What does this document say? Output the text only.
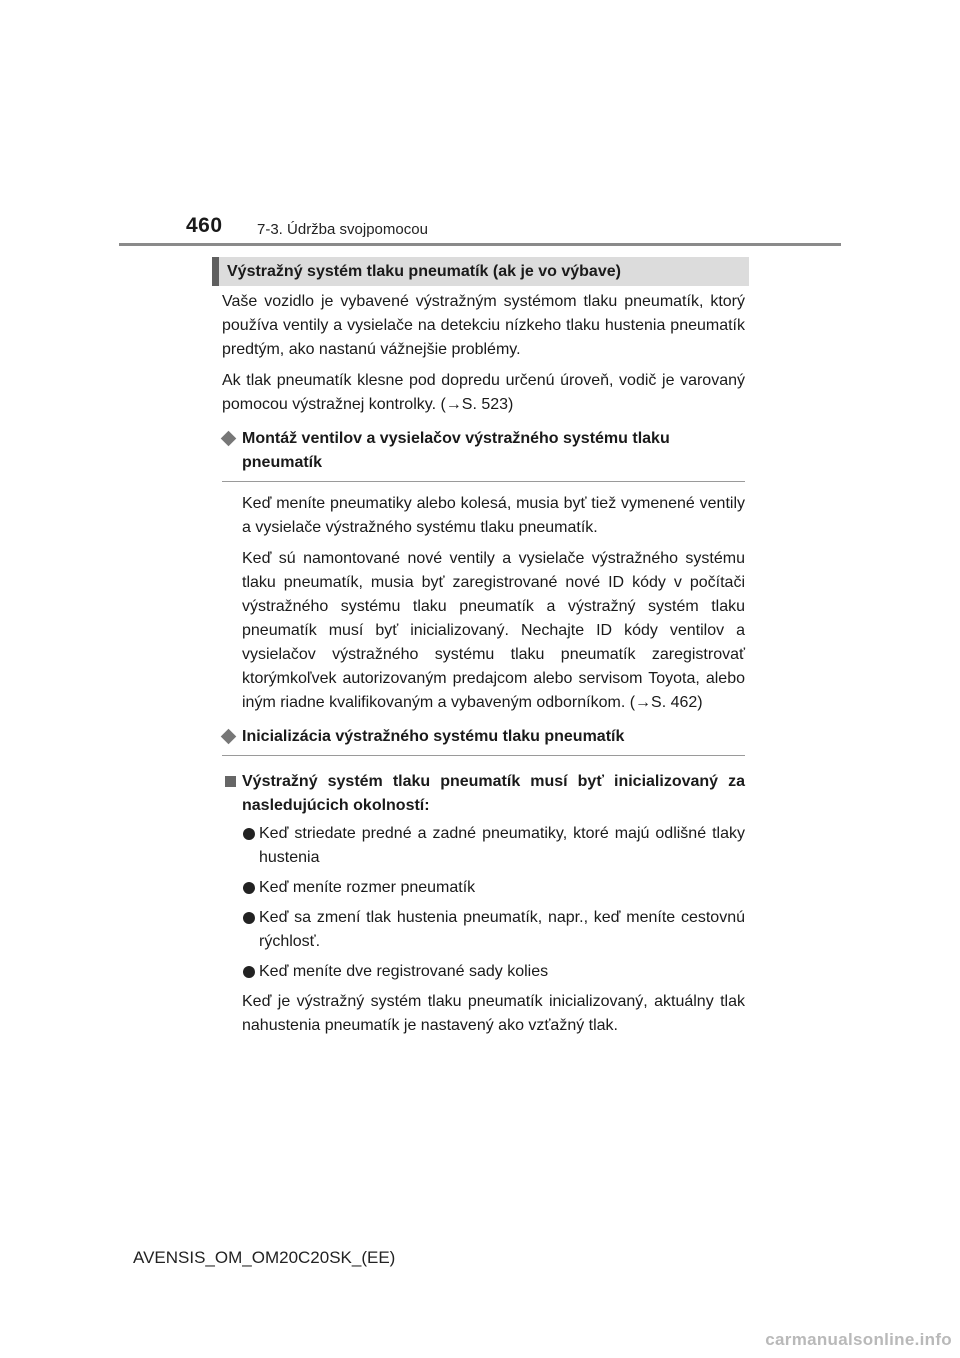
460 7-3. Údržba svojpomocou
Výstražný systém tlaku pneumatík (ak je vo výbave)

Vaše vozidlo je vybavené výstražným systémom tlaku pneumatík, ktorý používa ventily a vysielače na detekciu nízkeho tlaku hustenia pneumatík predtým, ako nastanú vážnejšie problémy.

Ak tlak pneumatík klesne pod dopredu určenú úroveň, vodič je varovaný pomocou výstražnej kontrolky. (→S. 523)

Montáž ventilov a vysielačov výstražného systému tlaku pneumatík

Keď meníte pneumatiky alebo kolesá, musia byť tiež vymenené ventily a vysielače výstražného systému tlaku pneumatík.

Keď sú namontované nové ventily a vysielače výstražného systému tlaku pneumatík, musia byť zaregistrované nové ID kódy v počítači výstražného systému tlaku pneumatík a výstražný systém tlaku pneumatík musí byť inicializovaný. Nechajte ID kódy ventilov a vysielačov výstražného systému tlaku pneumatík zaregistrovať ktorýmkoľvek autorizovaným predajcom alebo servisom Toyota, alebo iným riadne kvalifikovaným a vybaveným odborníkom. (→S. 462)

Inicializácia výstražného systému tlaku pneumatík
Výstražný systém tlaku pneumatík musí byť inicializovaný za nasledujúcich okolností:
Keď striedate predné a zadné pneumatiky, ktoré majú odlišné tlaky hustenia
Keď meníte rozmer pneumatík
Keď sa zmení tlak hustenia pneumatík, napr., keď meníte cestovnú rýchlosť.
Keď meníte dve registrované sady kolies

Keď je výstražný systém tlaku pneumatík inicializovaný, aktuálny tlak nahustenia pneumatík je nastavený ako vzťažný tlak.

AVENSIS_OM_OM20C20SK_(EE)
carmanualsonline.info
